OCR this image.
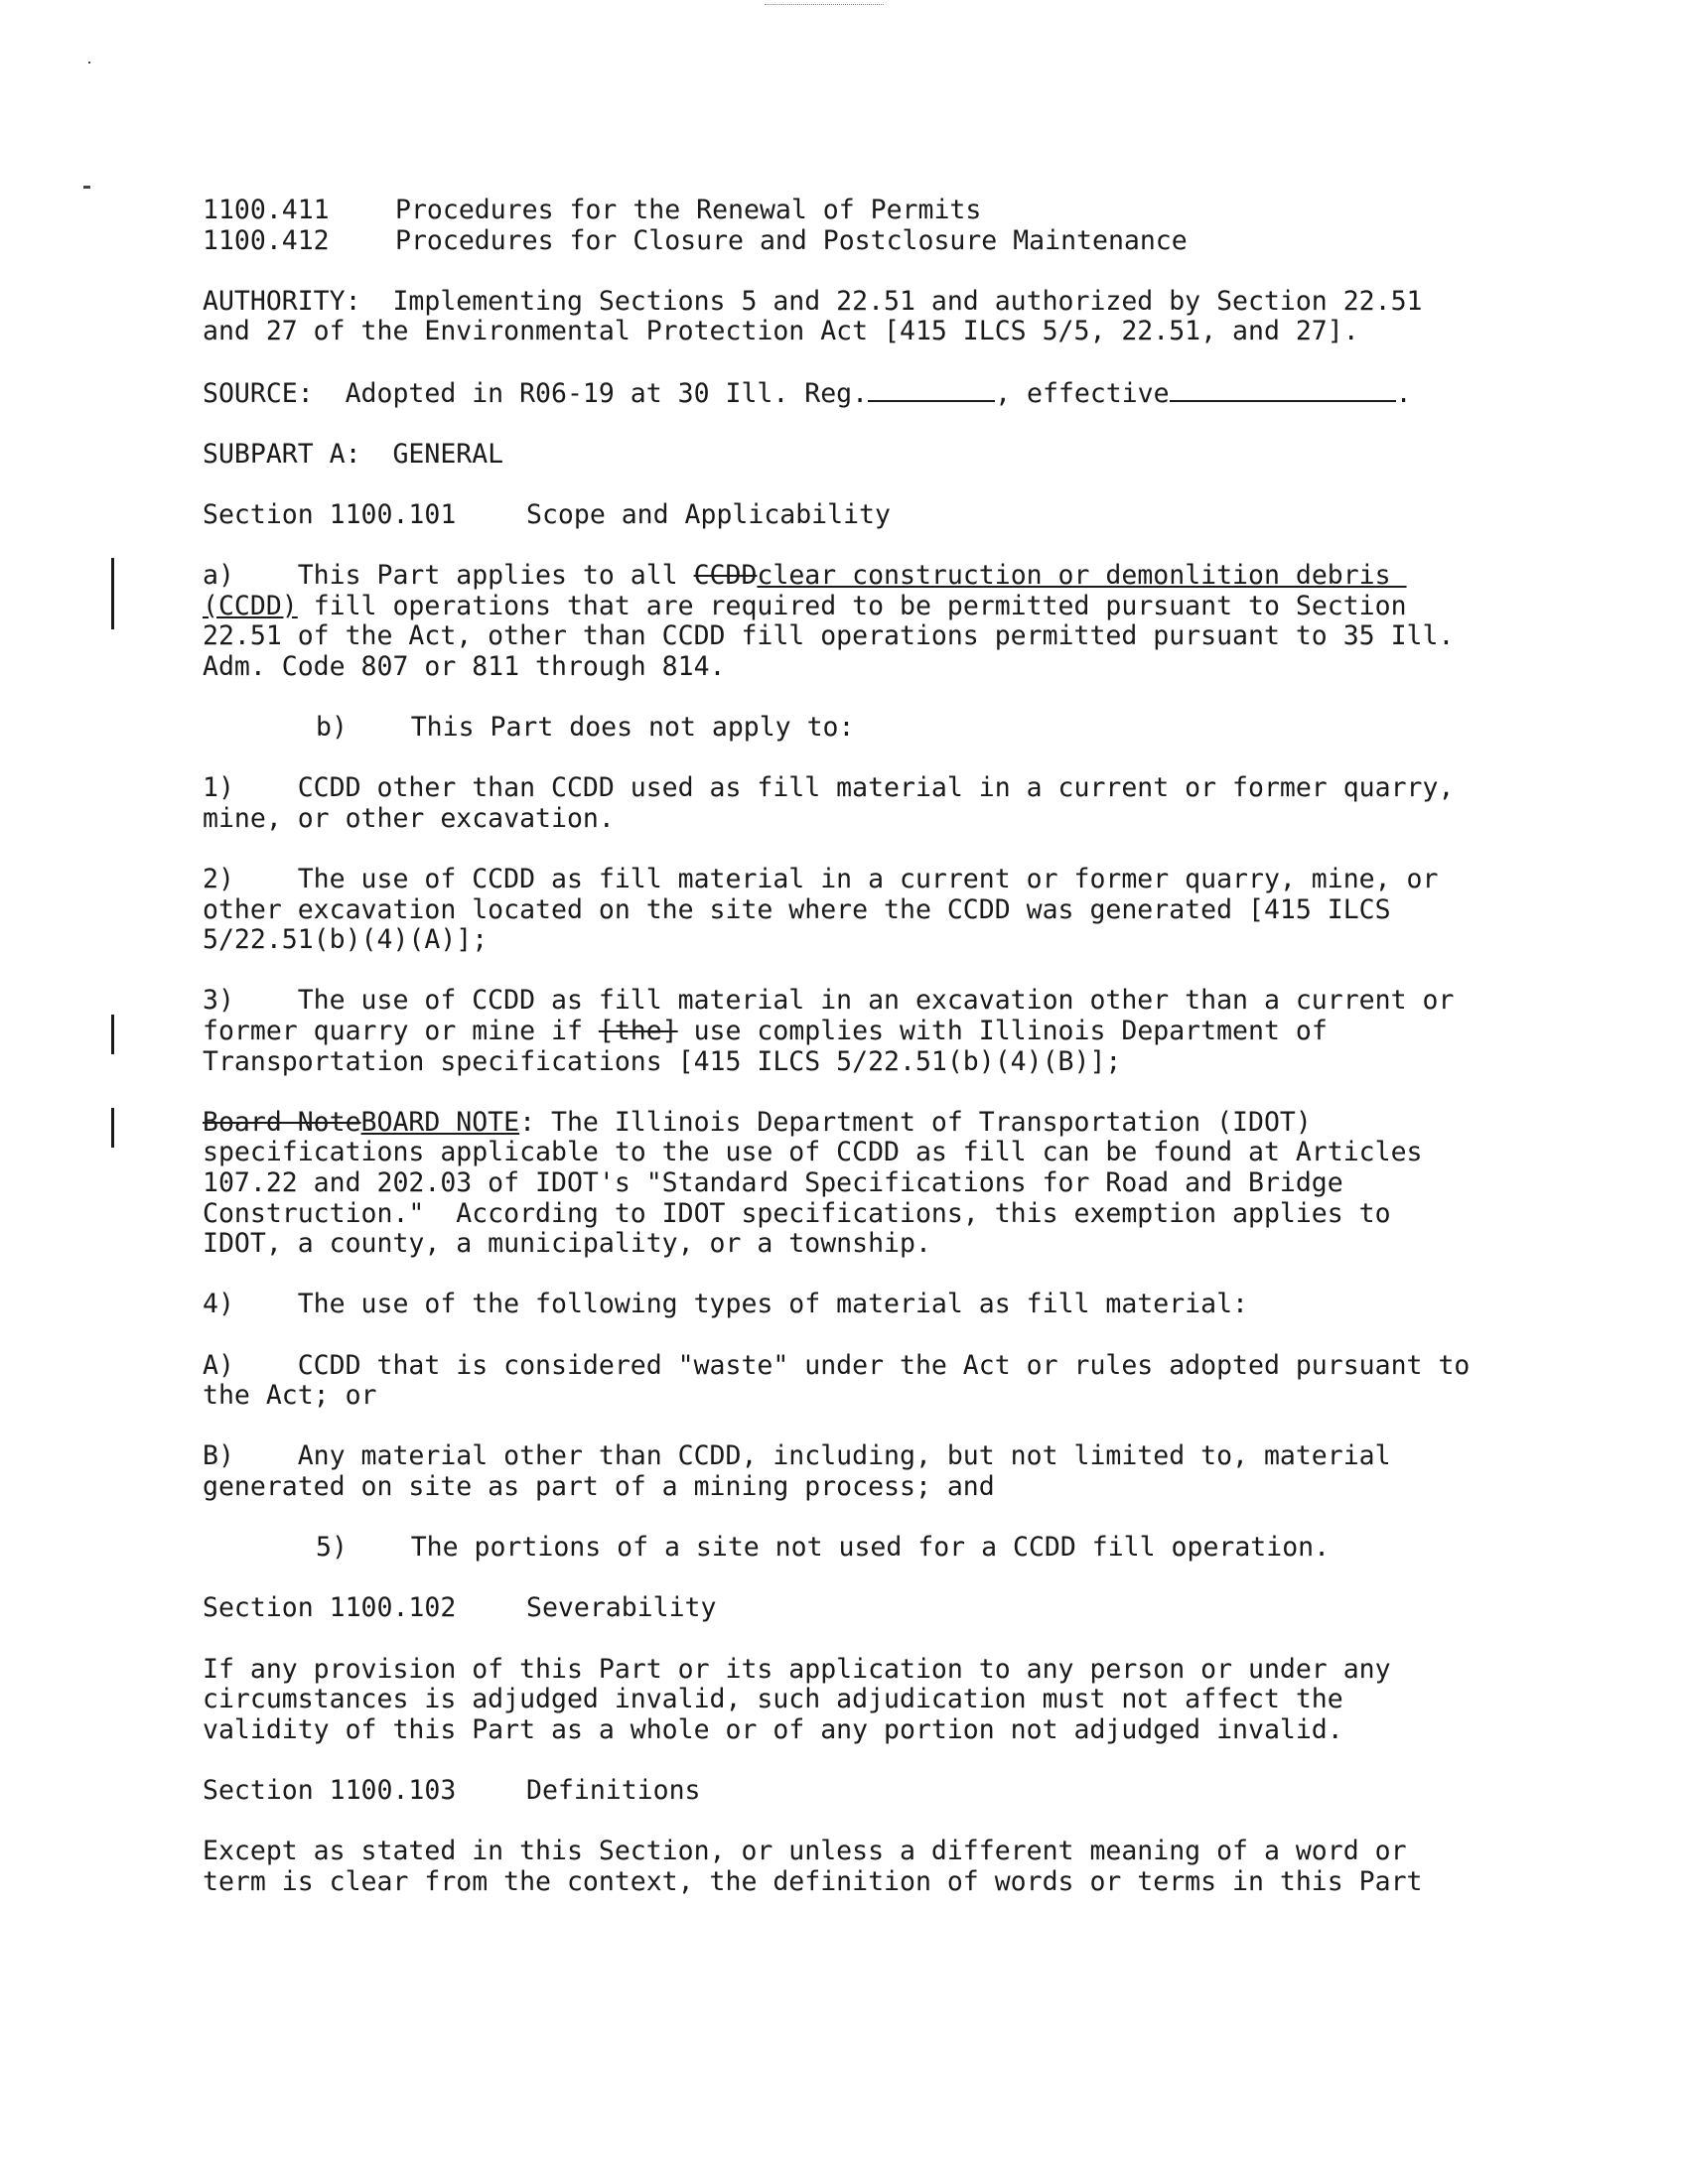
1100.411	Procedures for the Renewal of Permits
1100.412	Procedures for Closure and Postclosure Maintenance
AUTHORITY:  Implementing Sections 5 and 22.51 and authorized by Section 22.51
and 27 of the Environmental Protection Act [415 ILCS 5/5, 22.51, and 27].
SOURCE:  Adopted in R06-19 at 30 Ill. Reg.	, effective	.
SUBPART A:  GENERAL
Section 1100.101	Scope and Applicability
a)    This Part applies to all CCDDclear construction or demonlition debris
(CCDD) fill operations that are required to be permitted pursuant to Section
22.51 of the Act, other than CCDD fill operations permitted pursuant to 35 Ill.
Adm. Code 807 or 811 through 814.
b)    This Part does not apply to:
1)    CCDD other than CCDD used as fill material in a current or former quarry,
mine, or other excavation.
2)    The use of CCDD as fill material in a current or former quarry, mine, or
other excavation located on the site where the CCDD was generated [415 ILCS
5/22.51(b)(4)(A)];
3)    The use of CCDD as fill material in an excavation other than a current or
former quarry or mine if [the] use complies with Illinois Department of
Transportation specifications [415 ILCS 5/22.51(b)(4)(B)];
Board NoteBOARD NOTE: The Illinois Department of Transportation (IDOT)
specifications applicable to the use of CCDD as fill can be found at Articles
107.22 and 202.03 of IDOT's "Standard Specifications for Road and Bridge
Construction."  According to IDOT specifications, this exemption applies to
IDOT, a county, a municipality, or a township.
4)    The use of the following types of material as fill material:
A)    CCDD that is considered "waste" under the Act or rules adopted pursuant to
the Act; or
B)    Any material other than CCDD, including, but not limited to, material
generated on site as part of a mining process; and
5)    The portions of a site not used for a CCDD fill operation.
Section 1100.102	Severability
If any provision of this Part or its application to any person or under any
circumstances is adjudged invalid, such adjudication must not affect the
validity of this Part as a whole or of any portion not adjudged invalid.
Section 1100.103	Definitions
Except as stated in this Section, or unless a different meaning of a word or
term is clear from the context, the definition of words or terms in this Part
